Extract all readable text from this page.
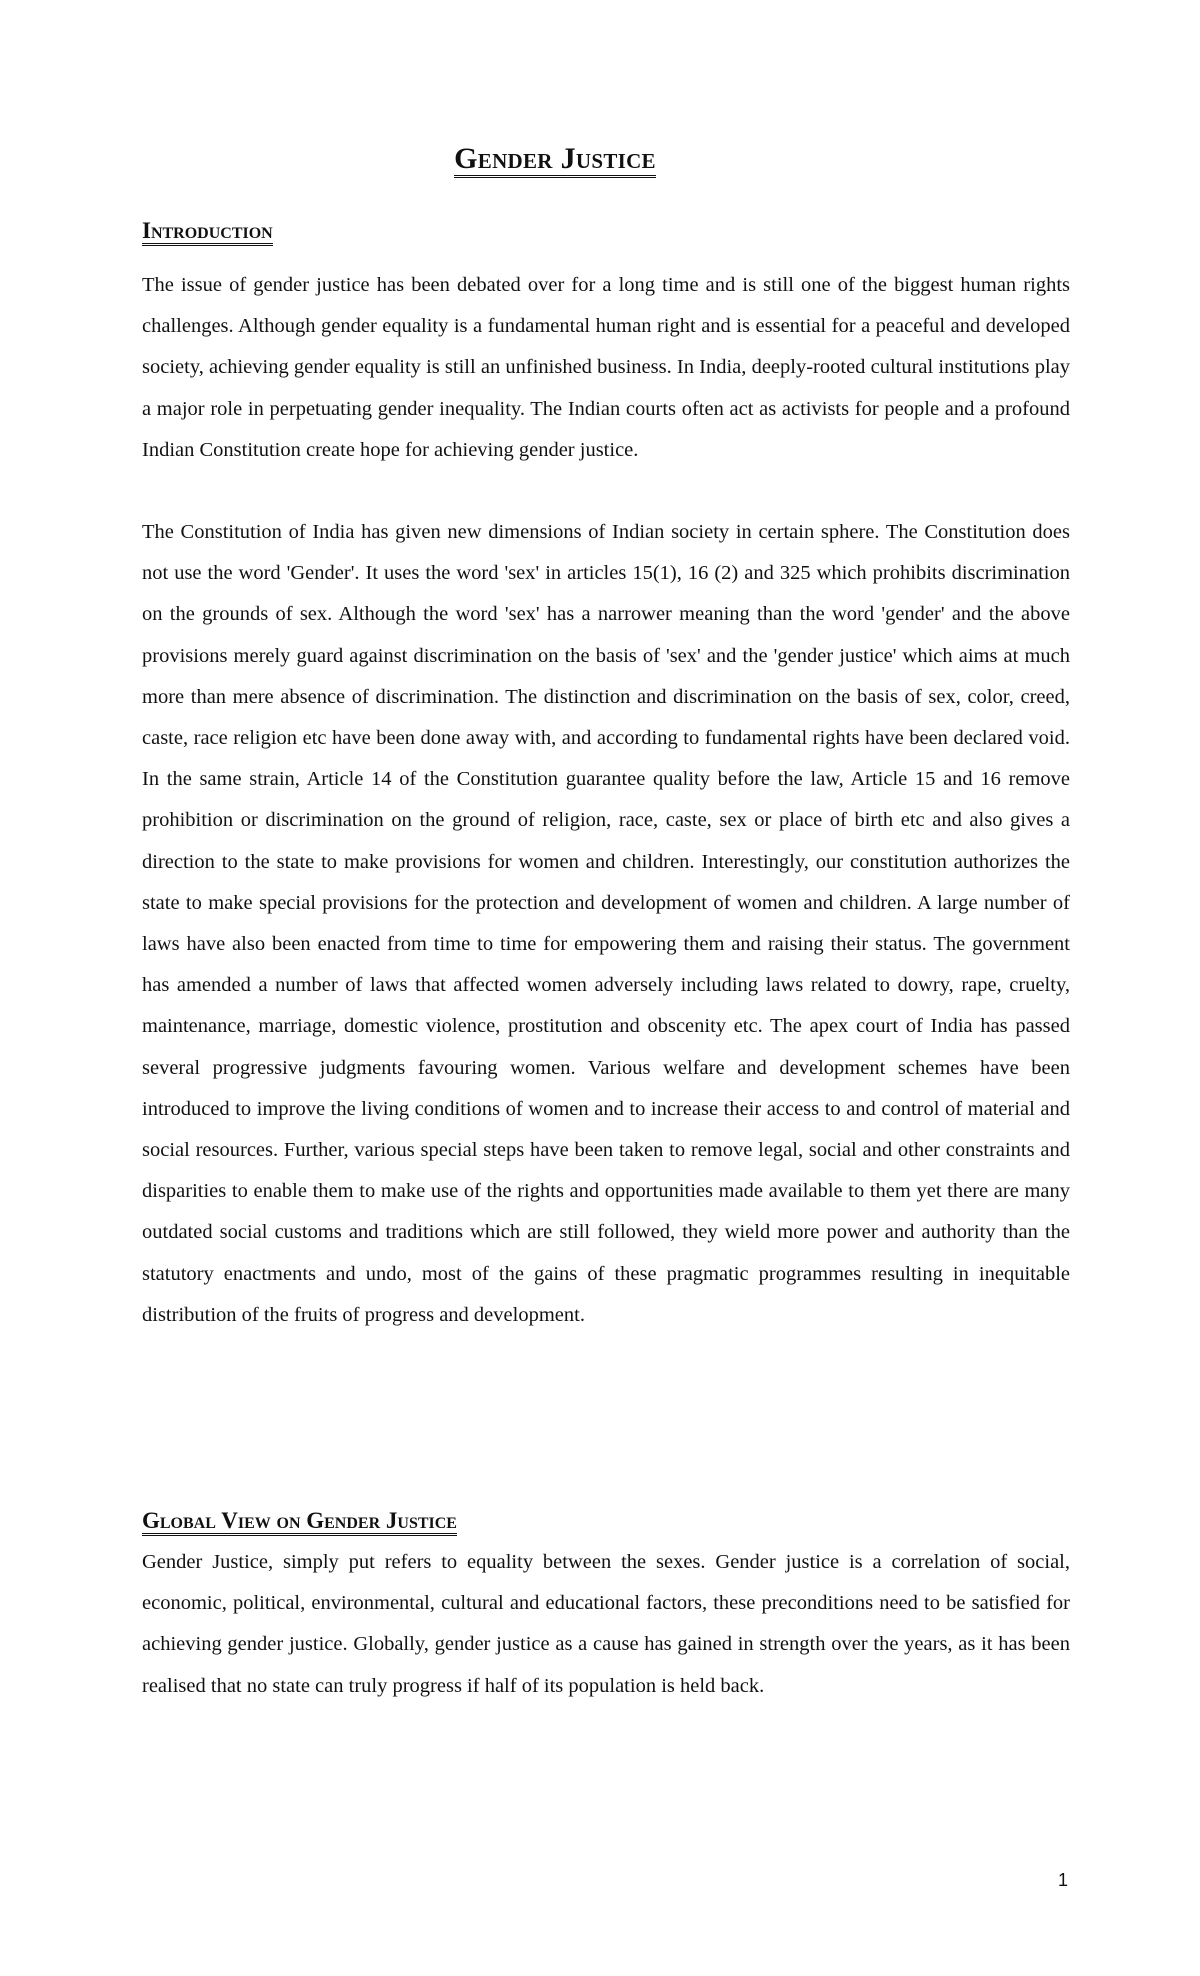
Gender Justice
Introduction

The issue of gender justice has been debated over for a long time and is still one of the biggest human rights challenges. Although gender equality is a fundamental human right and is essential for a peaceful and developed society, achieving gender equality is still an unfinished business. In India, deeply-rooted cultural institutions play a major role in perpetuating gender inequality. The Indian courts often act as activists for people and a profound Indian Constitution create hope for achieving gender justice.

The Constitution of India has given new dimensions of Indian society in certain sphere. The Constitution does not use the word 'Gender'. It uses the word 'sex' in articles 15(1), 16 (2) and 325 which prohibits discrimination on the grounds of sex. Although the word 'sex' has a narrower meaning than the word 'gender' and the above provisions merely guard against discrimination on the basis of 'sex' and the 'gender justice' which aims at much more than mere absence of discrimination. The distinction and discrimination on the basis of sex, color, creed, caste, race religion etc have been done away with, and according to fundamental rights have been declared void. In the same strain, Article 14 of the Constitution guarantee quality before the law, Article 15 and 16 remove prohibition or discrimination on the ground of religion, race, caste, sex or place of birth etc and also gives a direction to the state to make provisions for women and children. Interestingly, our constitution authorizes the state to make special provisions for the protection and development of women and children. A large number of laws have also been enacted from time to time for empowering them and raising their status. The government has amended a number of laws that affected women adversely including laws related to dowry, rape, cruelty, maintenance, marriage, domestic violence, prostitution and obscenity etc. The apex court of India has passed several progressive judgments favouring women. Various welfare and development schemes have been introduced to improve the living conditions of women and to increase their access to and control of material and social resources. Further, various special steps have been taken to remove legal, social and other constraints and disparities to enable them to make use of the rights and opportunities made available to them yet there are many outdated social customs and traditions which are still followed, they wield more power and authority than the statutory enactments and undo, most of the gains of these pragmatic programmes resulting in inequitable distribution of the fruits of progress and development.

Global View on Gender Justice

Gender Justice, simply put refers to equality between the sexes. Gender justice is a correlation of social, economic, political, environmental, cultural and educational factors, these preconditions need to be satisfied for achieving gender justice. Globally, gender justice as a cause has gained in strength over the years, as it has been realised that no state can truly progress if half of its population is held back.

1
